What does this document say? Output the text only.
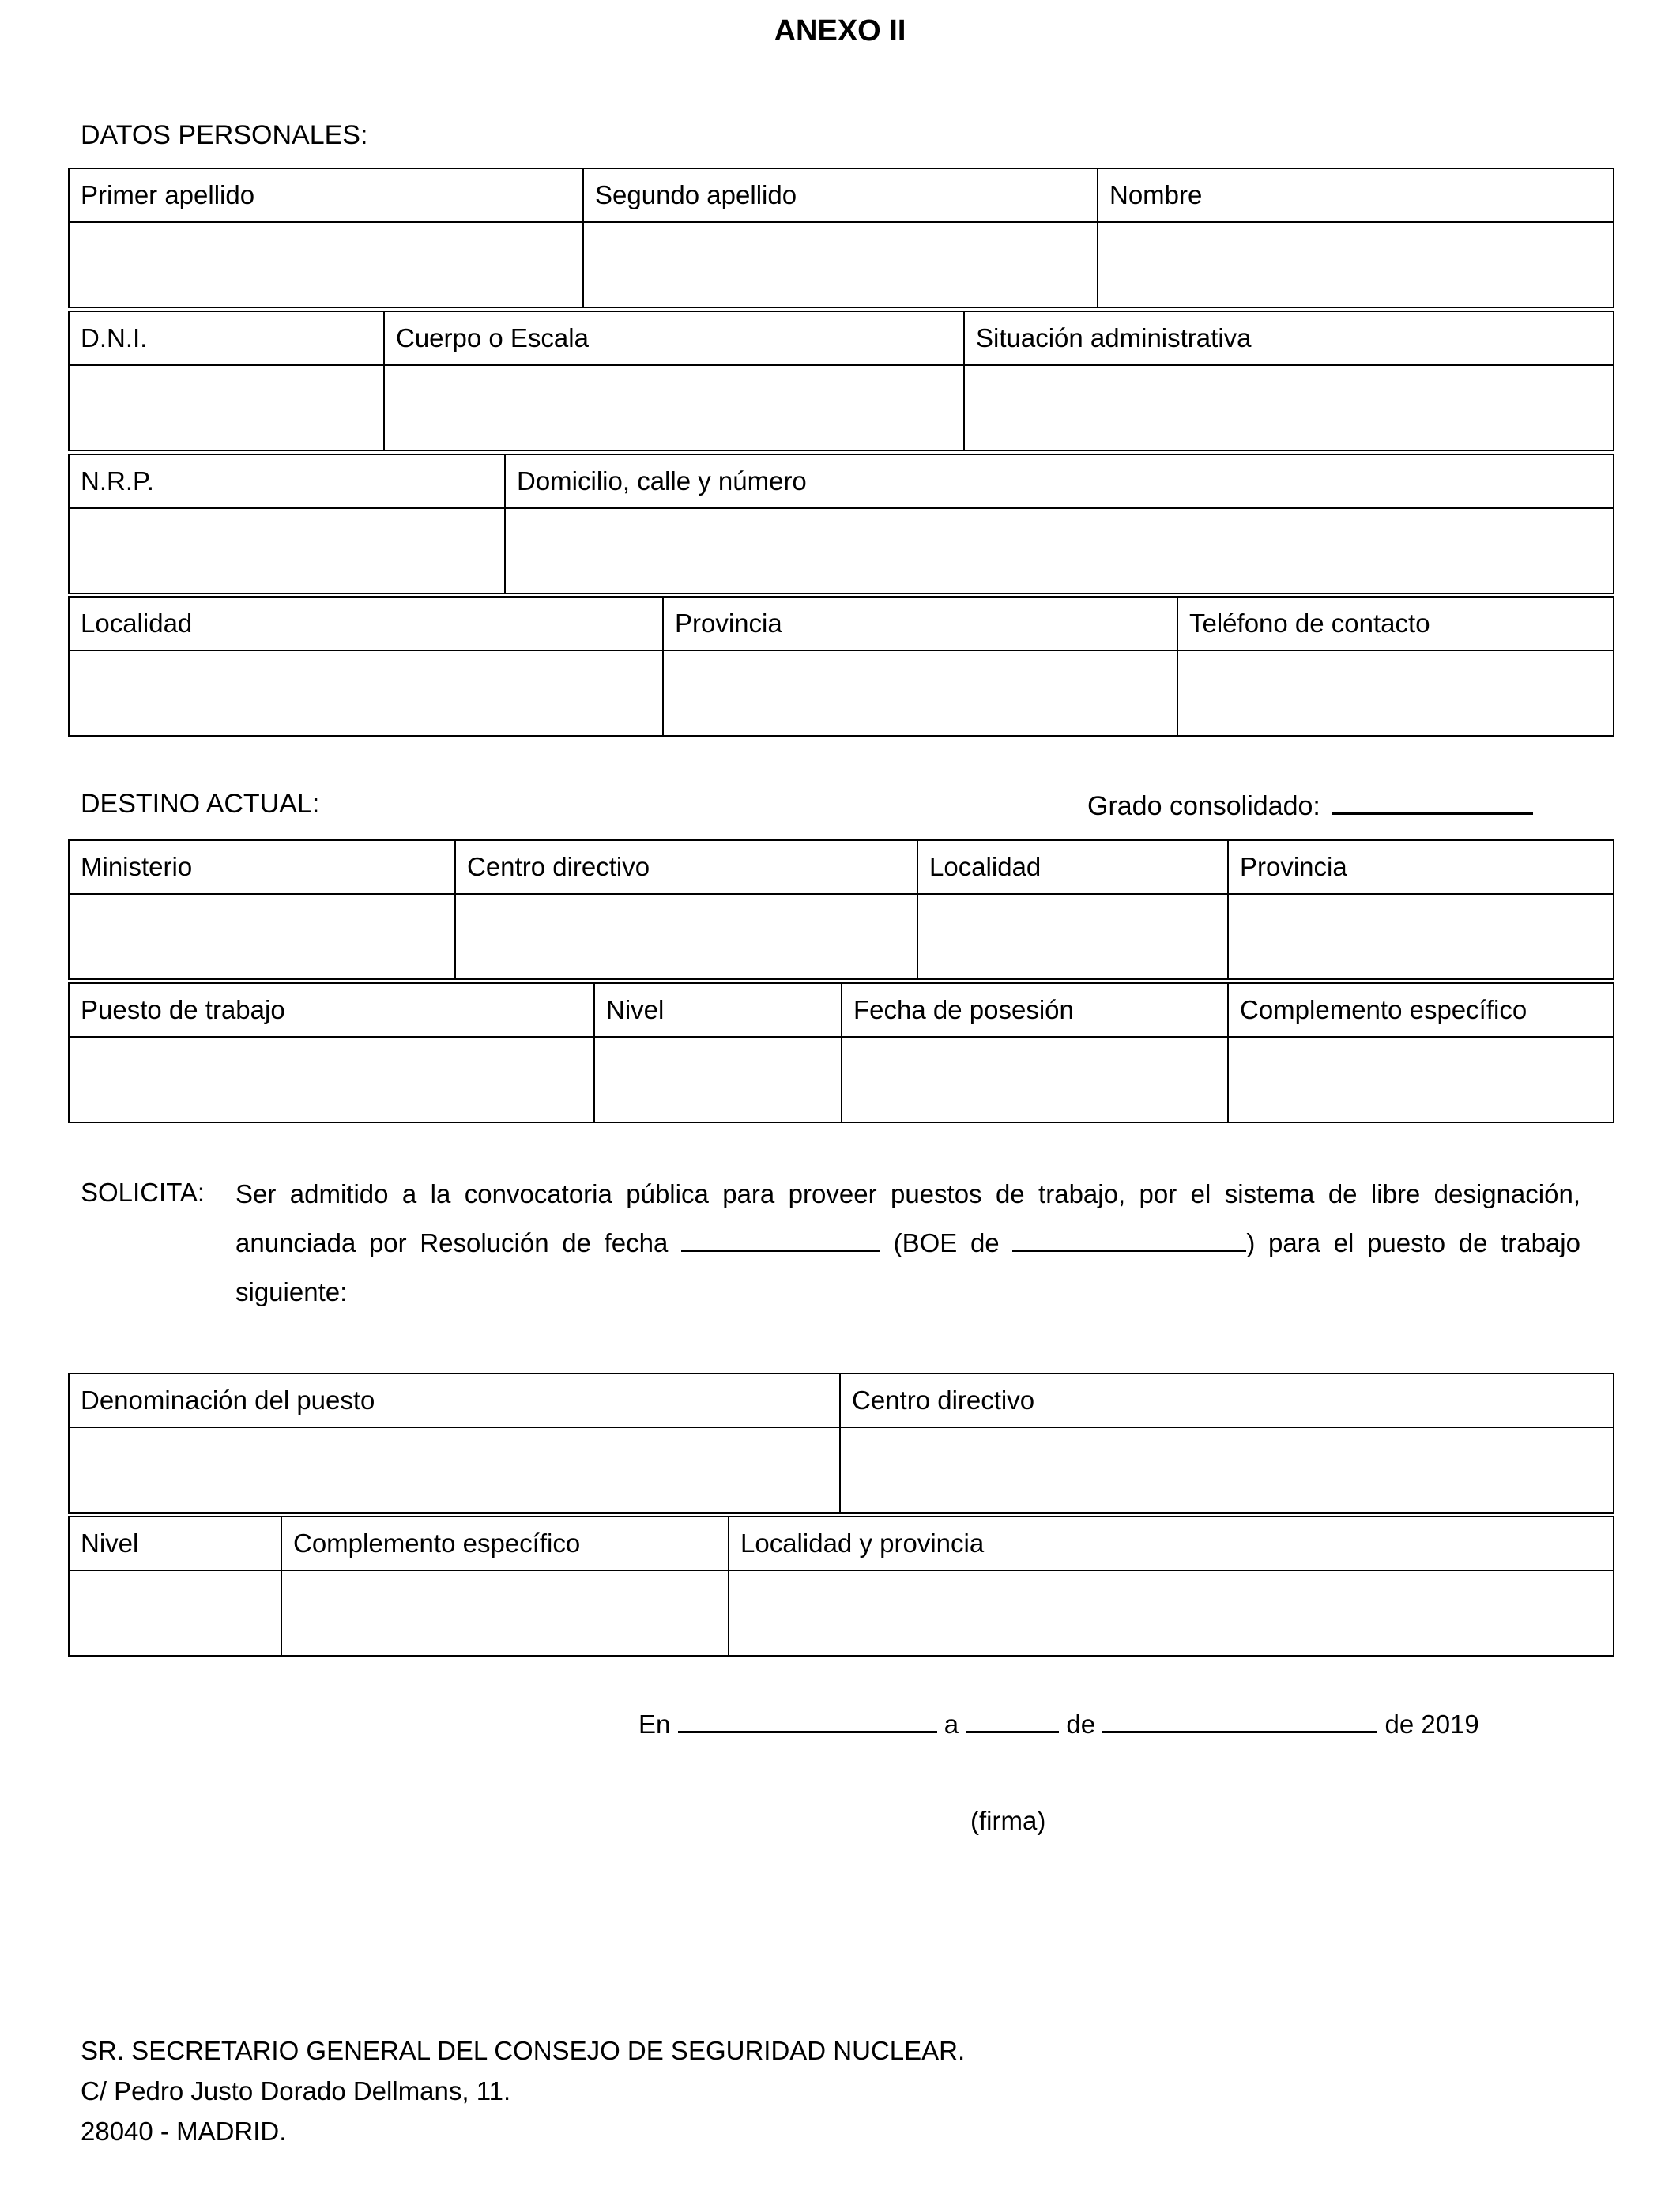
ANEXO II
DATOS PERSONALES:
Primer apellido	Segundo apellido	Nombre

D.N.I.	Cuerpo o Escala	Situación administrativa

N.R.P.	Domicilio, calle y número

Localidad	Provincia	Teléfono de contacto

DESTINO ACTUAL:	Grado consolidado:
Ministerio	Centro directivo	Localidad	Provincia

Puesto de trabajo	Nivel	Fecha de posesión	Complemento específico

SOLICITA: Ser admitido a la convocatoria pública para proveer puestos de trabajo, por el sistema de libre designación,
anunciada por Resolución de fecha	(BOE de	) para el puesto de trabajo
siguiente:
Denominación del puesto	Centro directivo

Nivel	Complemento específico	Localidad y provincia

En	a	de	de 2019
(firma)
SR. SECRETARIO GENERAL DEL CONSEJO DE SEGURIDAD NUCLEAR.
C/ Pedro Justo Dorado Dellmans, 11.
28040 - MADRID.
